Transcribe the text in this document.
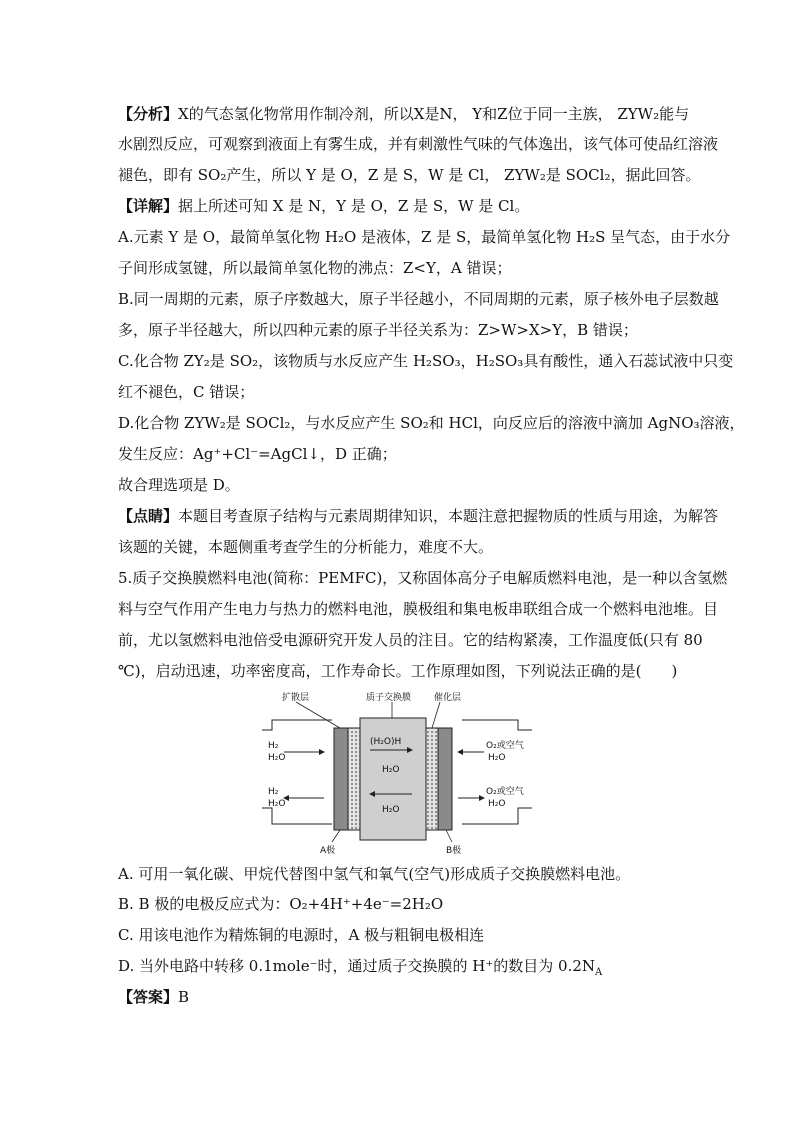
【分析】X的气态氢化物常用作制冷剂，所以X是N， Y和Z位于同一主族， ZYW₂能与
水剧烈反应，可观察到液面上有雾生成，并有刺激性气味的气体逸出，该气体可使品红溶液
褪色，即有 SO₂产生，所以 Y 是 O，Z 是 S，W 是 Cl， ZYW₂是 SOCl₂，据此回答。
【详解】据上所述可知 X 是 N，Y 是 O，Z 是 S，W 是 Cl。
A.元素 Y 是 O，最简单氢化物 H₂O 是液体，Z 是 S，最简单氢化物 H₂S 呈气态，由于水分
子间形成氢键，所以最简单氢化物的沸点：Z<Y，A 错误；
B.同一周期的元素，原子序数越大，原子半径越小，不同周期的元素，原子核外电子层数越
多，原子半径越大，所以四种元素的原子半径关系为：Z>W>X>Y，B 错误；
C.化合物 ZY₂是 SO₂，该物质与水反应产生 H₂SO₃，H₂SO₃具有酸性，通入石蕊试液中只变
红不褪色，C 错误；
D.化合物 ZYW₂是 SOCl₂，与水反应产生 SO₂和 HCl，向反应后的溶液中滴加 AgNO₃溶液，
发生反应：Ag⁺+Cl⁻=AgCl↓，D 正确；
故合理选项是 D。
【点睛】本题目考查原子结构与元素周期律知识，本题注意把握物质的性质与用途，为解答
该题的关键，本题侧重考查学生的分析能力，难度不大。
5.质子交换膜燃料电池(简称：PEMFC)，又称固体高分子电解质燃料电池，是一种以含氢燃
料与空气作用产生电力与热力的燃料电池，膜极组和集电板串联组合成一个燃料电池堆。目
前，尤以氢燃料电池倍受电源研究开发人员的注目。它的结构紧凑，工作温度低(只有 80
℃)，启动迅速，功率密度高，工作寿命长。工作原理如图，下列说法正确的是(　　)
扩散层	质子交换膜	催化层
H₂
H₂O
H₂
H₂O
(H₂O)H
H₂O
H₂O
O₂或空气
H₂O
O₂或空气
H₂O
A极	B极
A. 可用一氧化碳、甲烷代替图中氢气和氧气(空气)形成质子交换膜燃料电池。
B. B 极的电极反应式为：O₂+4H⁺+4e⁻=2H₂O
C. 用该电池作为精炼铜的电源时，A 极与粗铜电极相连
D. 当外电路中转移 0.1mole⁻时，通过质子交换膜的 H⁺的数目为 $0.2N_A$
【答案】B
